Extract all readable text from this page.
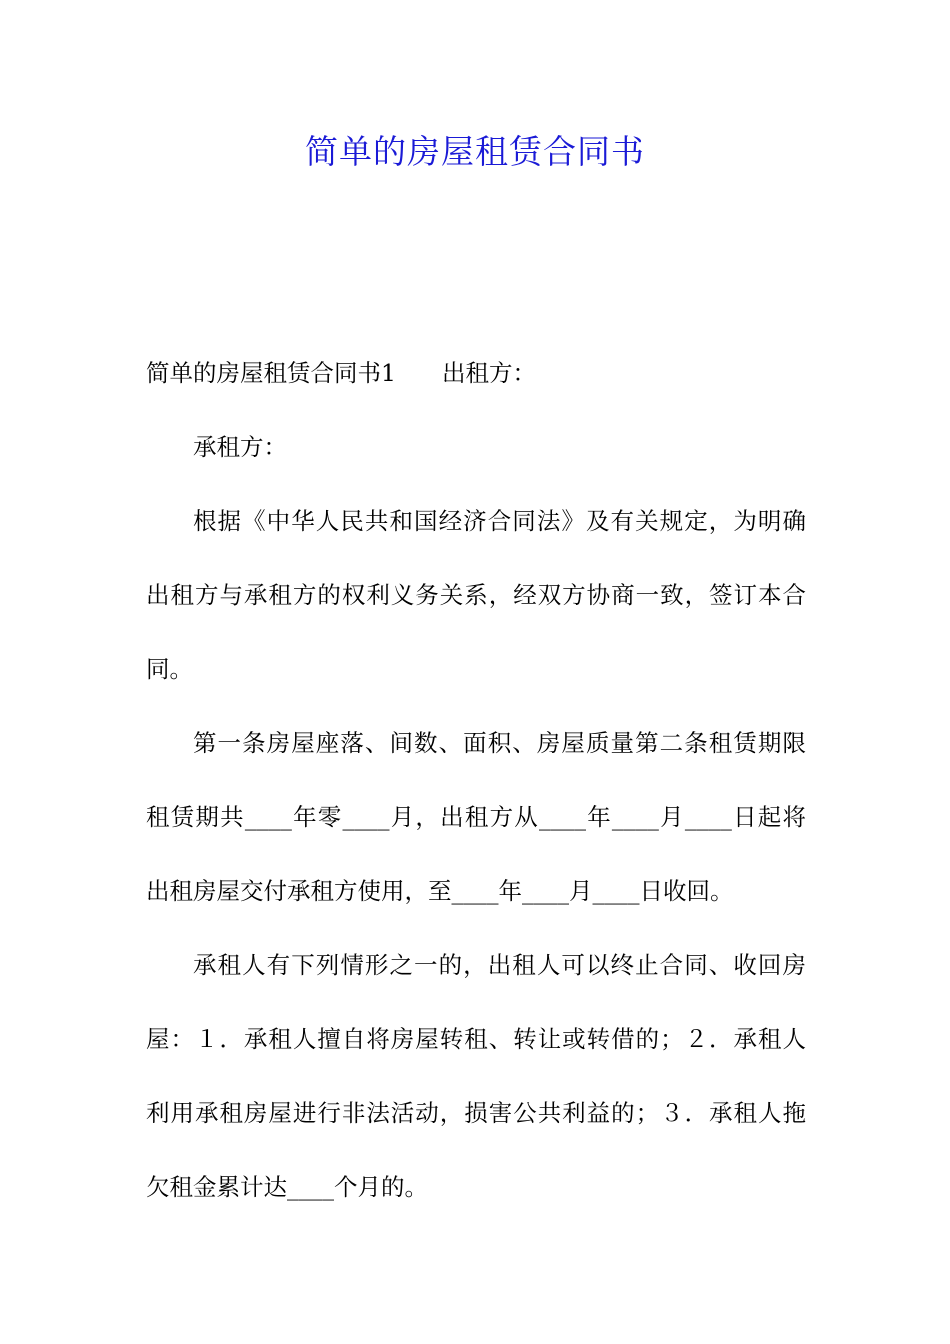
简单的房屋租赁合同书

简单的房屋租赁合同书1 出租方：

承租方：

根据《中华人民共和国经济合同法》及有关规定，为明确
出租方与承租方的权利义务关系，经双方协商一致，签订本合
同。

第一条房屋座落、间数、面积、房屋质量第二条租赁期限
租赁期共____年零____月，出租方从____年____月____日起将
出租房屋交付承租方使用，至____年____月____日收回。

承租人有下列情形之一的，出租人可以终止合同、收回房
屋：１．承租人擅自将房屋转租、转让或转借的；２．承租人
利用承租房屋进行非法活动，损害公共利益的；３．承租人拖
欠租金累计达____个月的。
